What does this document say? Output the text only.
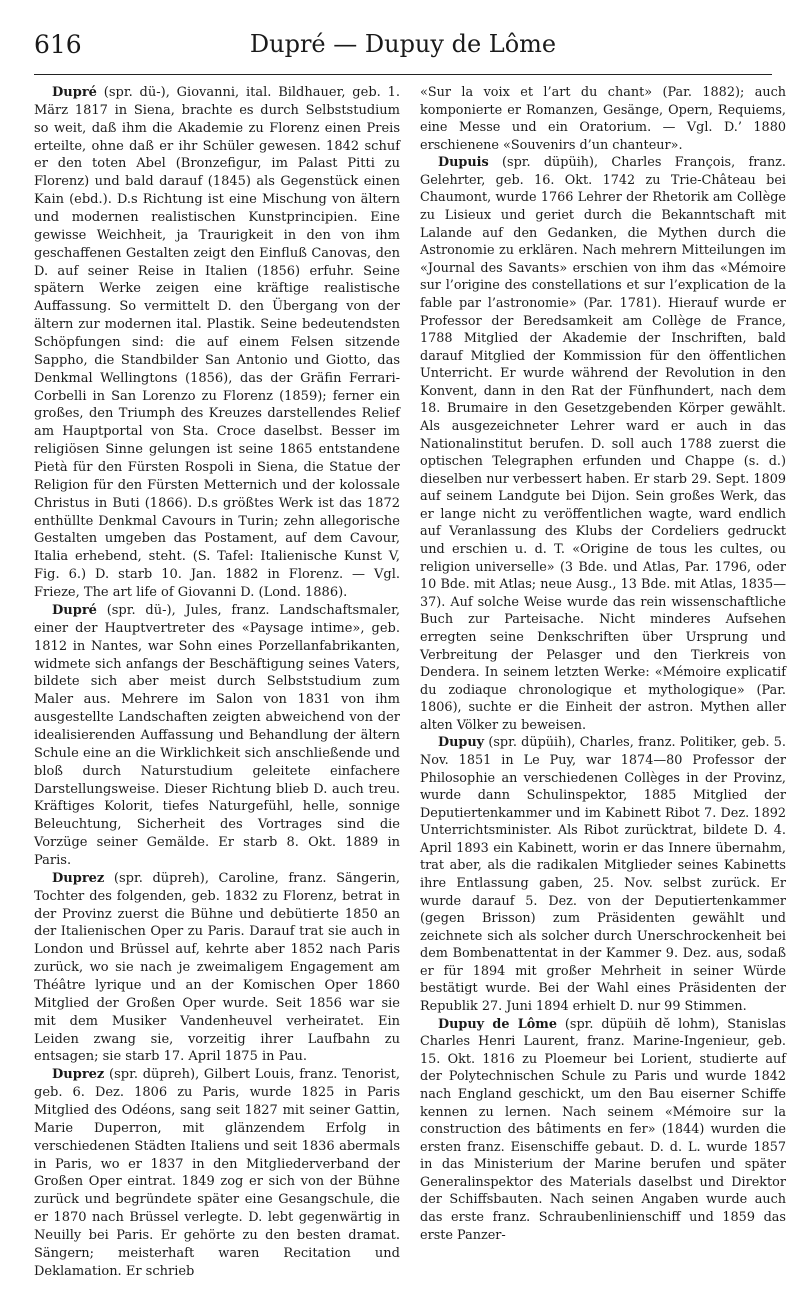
616	Dupré — Dupuy de Lôme

Dupré (spr. dü-), Giovanni, ital. Bildhauer, geb. 1. März 1817 in Siena, brachte es durch Selbststudium so weit, daß ihm die Akademie zu Florenz einen Preis erteilte, ohne daß er ihr Schüler gewesen. 1842 schuf er den toten Abel (Bronzefigur, im Palast Pitti zu Florenz) und bald darauf (1845) als Gegenstück einen Kain (ebd.). D.s Richtung ist eine Mischung von ältern und modernen realistischen Kunstprincipien. Eine gewisse Weichheit, ja Traurigkeit in den von ihm geschaffenen Gestalten zeigt den Einfluß Canovas, den D. auf seiner Reise in Italien (1856) erfuhr. Seine spätern Werke zeigen eine kräftige realistische Auffassung. So vermittelt D. den Übergang von der ältern zur modernen ital. Plastik. Seine bedeutendsten Schöpfungen sind: die auf einem Felsen sitzende Sappho, die Standbilder San Antonio und Giotto, das Denkmal Wellingtons (1856), das der Gräfin Ferrari-Corbelli in San Lorenzo zu Florenz (1859); ferner ein großes, den Triumph des Kreuzes darstellendes Relief am Hauptportal von Sta. Croce daselbst. Besser im religiösen Sinne gelungen ist seine 1865 entstandene Pietà für den Fürsten Rospoli in Siena, die Statue der Religion für den Fürsten Metternich und der kolossale Christus in Buti (1866). D.s größtes Werk ist das 1872 enthüllte Denkmal Cavours in Turin; zehn allegorische Gestalten umgeben das Postament, auf dem Cavour, Italia erhebend, steht. (S. Tafel: Italienische Kunst V, Fig. 6.) D. starb 10. Jan. 1882 in Florenz. — Vgl. Frieze, The art life of Giovanni D. (Lond. 1886).

Dupré (spr. dü-), Jules, franz. Landschaftsmaler, einer der Hauptvertreter des «Paysage intime», geb. 1812 in Nantes, war Sohn eines Porzellanfabrikanten, widmete sich anfangs der Beschäftigung seines Vaters, bildete sich aber meist durch Selbststudium zum Maler aus. Mehrere im Salon von 1831 von ihm ausgestellte Landschaften zeigten abweichend von der idealisierenden Auffassung und Behandlung der ältern Schule eine an die Wirklichkeit sich anschließende und bloß durch Naturstudium geleitete einfachere Darstellungsweise. Dieser Richtung blieb D. auch treu. Kräftiges Kolorit, tiefes Naturgefühl, helle, sonnige Beleuchtung, Sicherheit des Vortrages sind die Vorzüge seiner Gemälde. Er starb 8. Okt. 1889 in Paris.

Duprez (spr. düpreh), Caroline, franz. Sängerin, Tochter des folgenden, geb. 1832 zu Florenz, betrat in der Provinz zuerst die Bühne und debütierte 1850 an der Italienischen Oper zu Paris. Darauf trat sie auch in London und Brüssel auf, kehrte aber 1852 nach Paris zurück, wo sie nach je zweimaligem Engagement am Théâtre lyrique und an der Komischen Oper 1860 Mitglied der Großen Oper wurde. Seit 1856 war sie mit dem Musiker Vandenheuvel verheiratet. Ein Leiden zwang sie, vorzeitig ihrer Laufbahn zu entsagen; sie starb 17. April 1875 in Pau.

Duprez (spr. düpreh), Gilbert Louis, franz. Tenorist, geb. 6. Dez. 1806 zu Paris, wurde 1825 in Paris Mitglied des Odéons, sang seit 1827 mit seiner Gattin, Marie Duperron, mit glänzendem Erfolg in verschiedenen Städten Italiens und seit 1836 abermals in Paris, wo er 1837 in den Mitgliederverband der Großen Oper eintrat. 1849 zog er sich von der Bühne zurück und begründete später eine Gesangschule, die er 1870 nach Brüssel verlegte. D. lebt gegenwärtig in Neuilly bei Paris. Er gehörte zu den besten dramat. Sängern; meisterhaft waren Recitation und Deklamation. Er schrieb

«Sur la voix et l’art du chant» (Par. 1882); auch komponierte er Romanzen, Gesänge, Opern, Requiems, eine Messe und ein Oratorium. — Vgl. D.’ 1880 erschienene «Souvenirs d’un chanteur».

Dupuis (spr. düpüih), Charles François, franz. Gelehrter, geb. 16. Okt. 1742 zu Trie-Château bei Chaumont, wurde 1766 Lehrer der Rhetorik am Collège zu Lisieux und geriet durch die Bekanntschaft mit Lalande auf den Gedanken, die Mythen durch die Astronomie zu erklären. Nach mehrern Mitteilungen im «Journal des Savants» erschien von ihm das «Mémoire sur l’origine des constellations et sur l’explication de la fable par l’astronomie» (Par. 1781). Hierauf wurde er Professor der Beredsamkeit am Collège de France, 1788 Mitglied der Akademie der Inschriften, bald darauf Mitglied der Kommission für den öffentlichen Unterricht. Er wurde während der Revolution in den Konvent, dann in den Rat der Fünfhundert, nach dem 18. Brumaire in den Gesetzgebenden Körper gewählt. Als ausgezeichneter Lehrer ward er auch in das Nationalinstitut berufen. D. soll auch 1788 zuerst die optischen Telegraphen erfunden und Chappe (s. d.) dieselben nur verbessert haben. Er starb 29. Sept. 1809 auf seinem Landgute bei Dijon. Sein großes Werk, das er lange nicht zu veröffentlichen wagte, ward endlich auf Veranlassung des Klubs der Cordeliers gedruckt und erschien u. d. T. «Origine de tous les cultes, ou religion universelle» (3 Bde. und Atlas, Par. 1796, oder 10 Bde. mit Atlas; neue Ausg., 13 Bde. mit Atlas, 1835—37). Auf solche Weise wurde das rein wissenschaftliche Buch zur Parteisache. Nicht minderes Aufsehen erregten seine Denkschriften über Ursprung und Verbreitung der Pelasger und den Tierkreis von Dendera. In seinem letzten Werke: «Mémoire explicatif du zodiaque chronologique et mythologique» (Par. 1806), suchte er die Einheit der astron. Mythen aller alten Völker zu beweisen.

Dupuy (spr. düpüih), Charles, franz. Politiker, geb. 5. Nov. 1851 in Le Puy, war 1874—80 Professor der Philosophie an verschiedenen Collèges in der Provinz, wurde dann Schulinspektor, 1885 Mitglied der Deputiertenkammer und im Kabinett Ribot 7. Dez. 1892 Unterrichtsminister. Als Ribot zurücktrat, bildete D. 4. April 1893 ein Kabinett, worin er das Innere übernahm, trat aber, als die radikalen Mitglieder seines Kabinetts ihre Entlassung gaben, 25. Nov. selbst zurück. Er wurde darauf 5. Dez. von der Deputiertenkammer (gegen Brisson) zum Präsidenten gewählt und zeichnete sich als solcher durch Unerschrockenheit bei dem Bombenattentat in der Kammer 9. Dez. aus, sodaß er für 1894 mit großer Mehrheit in seiner Würde bestätigt wurde. Bei der Wahl eines Präsidenten der Republik 27. Juni 1894 erhielt D. nur 99 Stimmen.

Dupuy de Lôme (spr. düpüih dĕ lohm), Stanislas Charles Henri Laurent, franz. Marine-Ingenieur, geb. 15. Okt. 1816 zu Ploemeur bei Lorient, studierte auf der Polytechnischen Schule zu Paris und wurde 1842 nach England geschickt, um den Bau eiserner Schiffe kennen zu lernen. Nach seinem «Mémoire sur la construction des bâtiments en fer» (1844) wurden die ersten franz. Eisenschiffe gebaut. D. d. L. wurde 1857 in das Ministerium der Marine berufen und später Generalinspektor des Materials daselbst und Direktor der Schiffsbauten. Nach seinen Angaben wurde auch das erste franz. Schraubenlinienschiff und 1859 das erste Panzer-
